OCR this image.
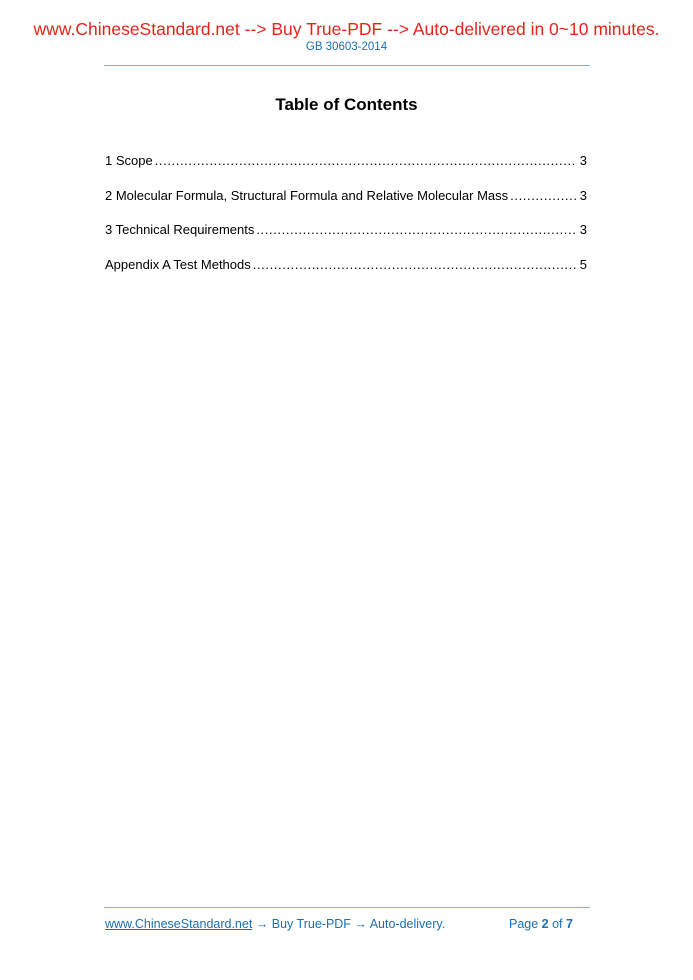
www.ChineseStandard.net --> Buy True-PDF --> Auto-delivered in 0~10 minutes.
GB 30603-2014
Table of Contents
1 Scope .....	3
2 Molecular Formula, Structural Formula and Relative Molecular Mass .....	3
3 Technical Requirements .....	3
Appendix A Test Methods .....	5
www.ChineseStandard.net → Buy True-PDF → Auto-delivery.	Page 2 of 7
